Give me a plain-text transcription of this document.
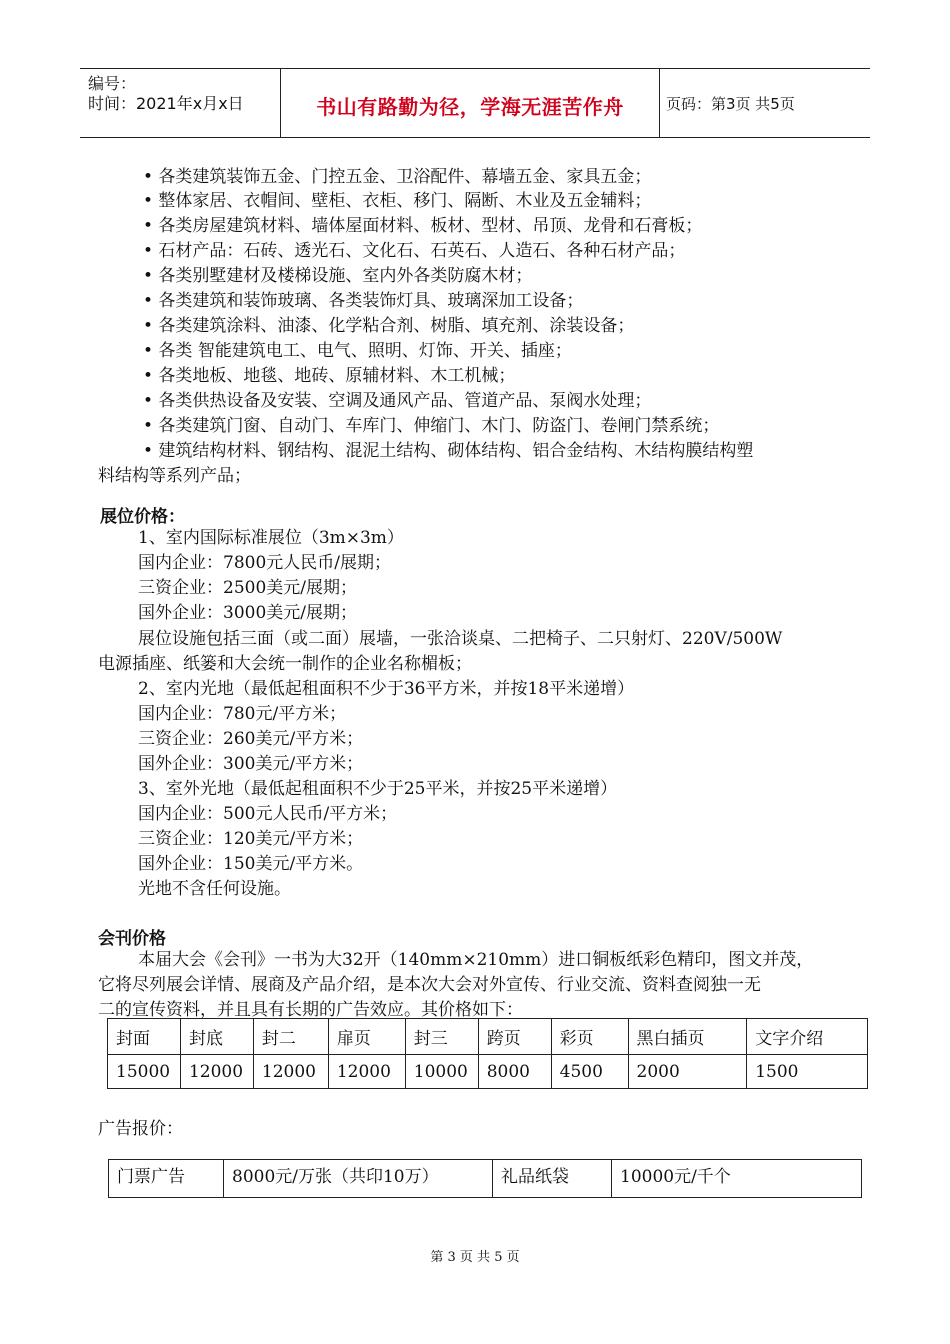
编号：
时间：2021年x月x日	书山有路勤为径，学海无涯苦作舟	页码：第3页 共5页
• 各类建筑装饰五金、门控五金、卫浴配件、幕墙五金、家具五金；
• 整体家居、衣帽间、壁柜、衣柜、移门、隔断、木业及五金辅料；
• 各类房屋建筑材料、墙体屋面材料、板材、型材、吊顶、龙骨和石膏板；
• 石材产品：石砖、透光石、文化石、石英石、人造石、各种石材产品；
• 各类别墅建材及楼梯设施、室内外各类防腐木材；
• 各类建筑和装饰玻璃、各类装饰灯具、玻璃深加工设备；
• 各类建筑涂料、油漆、化学粘合剂、树脂、填充剂、涂装设备；
• 各类 智能建筑电工、电气、照明、灯饰、开关、插座；
• 各类地板、地毯、地砖、原辅材料、木工机械；
• 各类供热设备及安装、空调及通风产品、管道产品、泵阀水处理；
• 各类建筑门窗、自动门、车库门、伸缩门、木门、防盗门、卷闸门禁系统；
• 建筑结构材料、钢结构、混泥土结构、砌体结构、铝合金结构、木结构膜结构塑
料结构等系列产品；
展位价格：
1、室内国际标准展位（3m×3m）
国内企业：7800元人民币/展期；
三资企业：2500美元/展期；
国外企业：3000美元/展期；
展位设施包括三面（或二面）展墙，一张洽谈桌、二把椅子、二只射灯、220V/500W
电源插座、纸篓和大会统一制作的企业名称楣板；
2、室内光地（最低起租面积不少于36平方米，并按18平米递增）
国内企业：780元/平方米；
三资企业：260美元/平方米；
国外企业：300美元/平方米；
3、室外光地（最低起租面积不少于25平米，并按25平米递增）
国内企业：500元人民币/平方米；
三资企业：120美元/平方米；
国外企业：150美元/平方米。
光地不含任何设施。
会刊价格
本届大会《会刊》一书为大32开（140mm×210mm）进口铜板纸彩色精印，图文并茂，
它将尽列展会详情、展商及产品介绍，是本次大会对外宣传、行业交流、资料查阅独一无
二的宣传资料，并且具有长期的广告效应。其价格如下：
封面	封底	封二	扉页	封三	跨页	彩页	黑白插页	文字介绍
15000	12000	12000	12000	10000	8000	4500	2000	1500
广告报价：
门票广告	8000元/万张（共印10万）	礼品纸袋	10000元/千个
第 3 页 共 5 页
